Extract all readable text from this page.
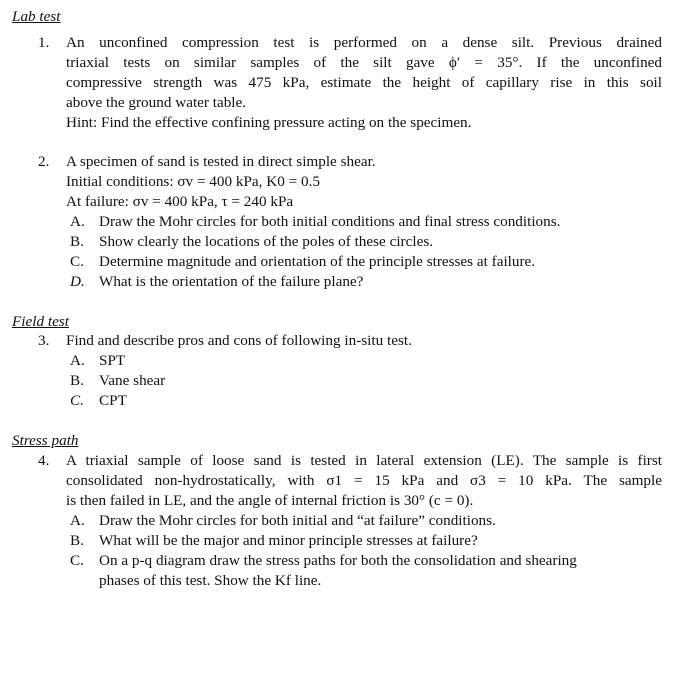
Lab test
1. An unconfined compression test is performed on a dense silt. Previous drained
triaxial tests on similar samples of the silt gave ϕ′ = 35°. If the unconfined
compressive strength was 475 kPa, estimate the height of capillary rise in this soil
above the ground water table.
Hint: Find the effective confining pressure acting on the specimen.
2. A specimen of sand is tested in direct simple shear.
Initial conditions: σv = 400 kPa, K0 = 0.5
At failure: σv = 400 kPa, τ = 240 kPa
A. Draw the Mohr circles for both initial conditions and final stress conditions.
B. Show clearly the locations of the poles of these circles.
C. Determine magnitude and orientation of the principle stresses at failure.
D. What is the orientation of the failure plane?
Field test
3. Find and describe pros and cons of following in-situ test.
A. SPT
B. Vane shear
C. CPT
Stress path
4. A triaxial sample of loose sand is tested in lateral extension (LE). The sample is first
consolidated non-hydrostatically, with σ1 = 15 kPa and σ3 = 10 kPa. The sample
is then failed in LE, and the angle of internal friction is 30° (c = 0).
A. Draw the Mohr circles for both initial and “at failure” conditions.
B. What will be the major and minor principle stresses at failure?
C. On a p-q diagram draw the stress paths for both the consolidation and shearing
phases of this test. Show the Kf line.
